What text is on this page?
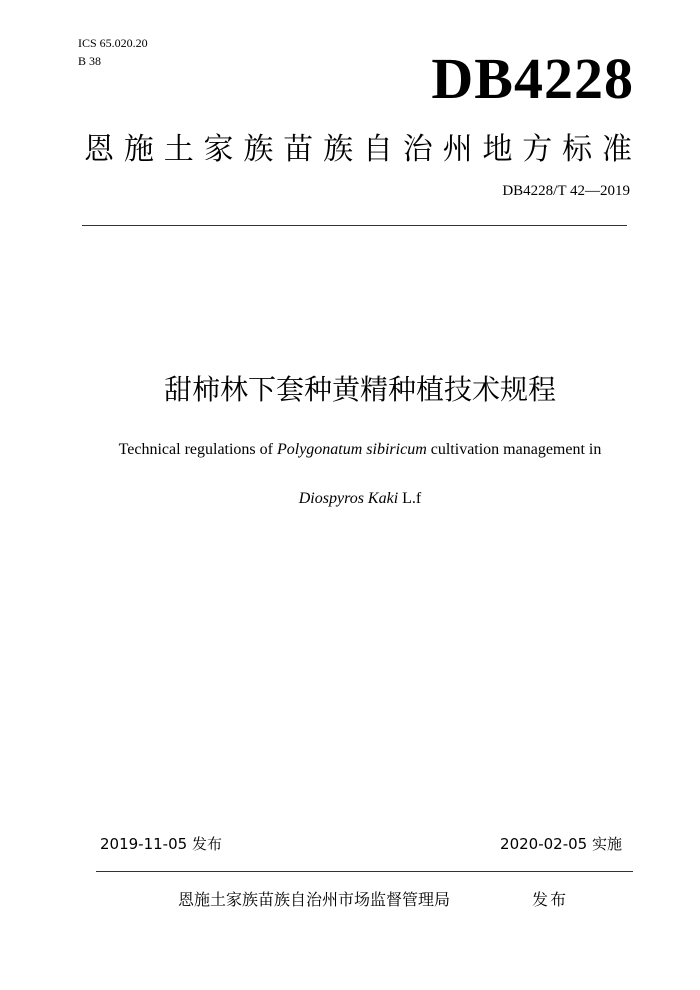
ICS 65.020.20
B 38	DB4228
恩施土家族苗族自治州地方标准
DB4228/T 42—2019
甜柿林下套种黄精种植技术规程
Technical regulations of Polygonatum sibiricum cultivation management in
Diospyros Kaki L.f
2019-11-05 发布	2020-02-05 实施
恩施土家族苗族自治州市场监督管理局	发布
